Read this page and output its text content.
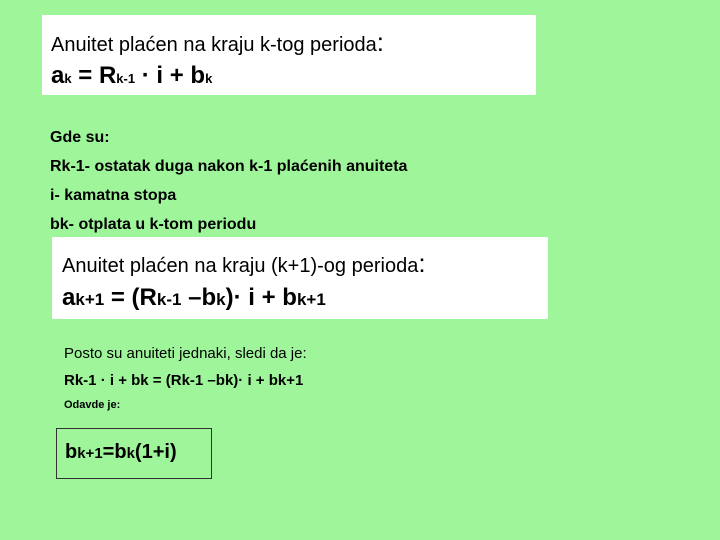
Anuitet plaćen na kraju k-tog perioda:
ak = Rk-1 · i + bk
Gde su:
Rk-1- ostatak duga nakon k-1 plaćenih anuiteta
i- kamatna stopa
bk- otplata u k-tom periodu
Anuitet plaćen na kraju (k+1)-og perioda:
ak+1 = (Rk-1 –bk)· i + bk+1
Posto su anuiteti jednaki, sledi da je:
Rk-1 · i + bk = (Rk-1 –bk)· i + bk+1
Odavde je:
bk+1=bk(1+i)
